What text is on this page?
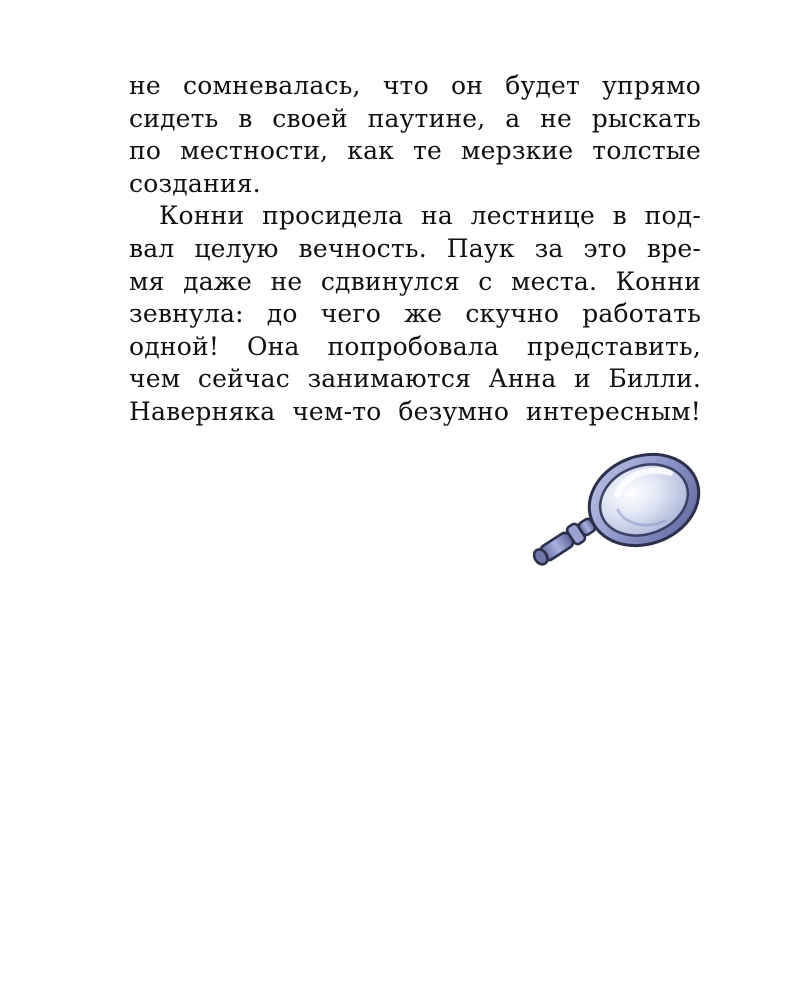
не сомневалась, что он будет упрямо
сидеть в своей паутине, а не рыскать
по местности, как те мерзкие толстые
создания.
Конни просидела на лестнице в под-
вал целую вечность. Паук за это вре-
мя даже не сдвинулся с места. Конни
зевнула: до чего же скучно работать
одной! Она попробовала представить,
чем сейчас занимаются Анна и Билли.
Наверняка чем-то безумно интересным!
